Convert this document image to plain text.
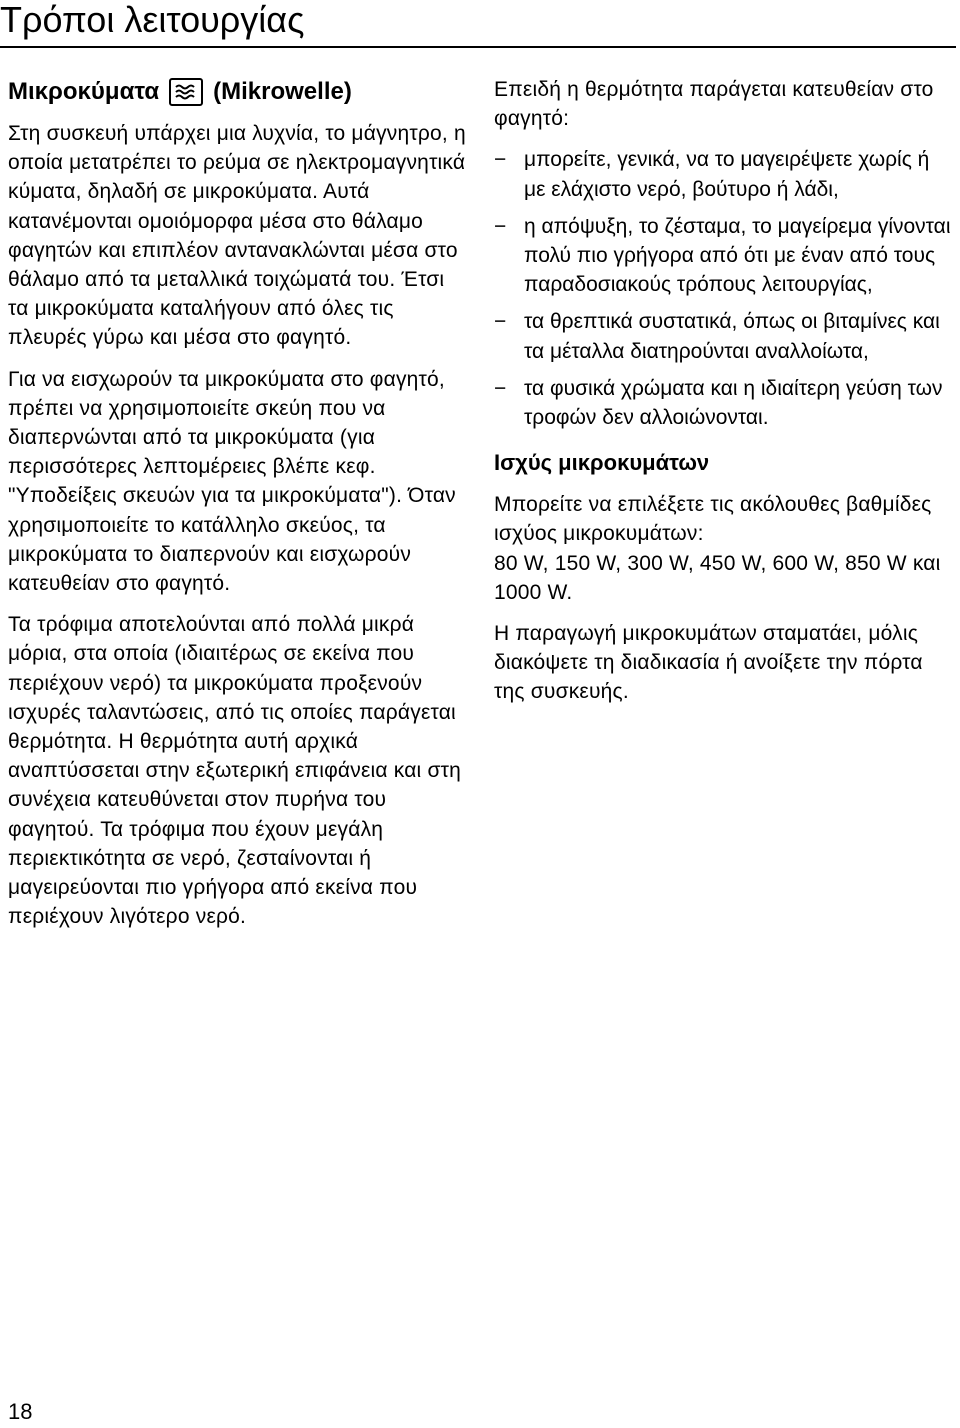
Τρόποι λειτουργίας
Μικροκύματα (Mikrowelle)

Στη συσκευή υπάρχει μια λυχνία, το μάγνητρο, η οποία μετατρέπει το ρεύμα σε ηλεκτρομαγνητικά κύματα, δηλαδή σε μικροκύματα. Αυτά κατανέμονται ομοιόμορφα μέσα στο θάλαμο φαγητών και επιπλέον αντανακλώνται μέσα στο θάλαμο από τα μεταλλικά τοιχώματά του. Έτσι τα μικροκύματα καταλήγουν από όλες τις πλευρές γύρω και μέσα στο φαγητό.

Για να εισχωρούν τα μικροκύματα στο φαγητό, πρέπει να χρησιμοποιείτε σκεύη που να διαπερνώνται από τα μικροκύματα (για περισσότερες λεπτομέρειες βλέπε κεφ. "Υποδείξεις σκευών για τα μικροκύματα"). Όταν χρησιμοποιείτε το κατάλληλο σκεύος, τα μικροκύματα το διαπερνούν και εισχωρούν κατευθείαν στο φαγητό.

Τα τρόφιμα αποτελούνται από πολλά μικρά μόρια, στα οποία (ιδιαιτέρως σε εκείνα που περιέχουν νερό) τα μικροκύματα προξενούν ισχυρές ταλαντώσεις, από τις οποίες παράγεται θερμότητα. Η θερμότητα αυτή αρχικά αναπτύσσεται στην εξωτερική επιφάνεια και στη συνέχεια κατευθύνεται στον πυρήνα του φαγητού. Τα τρόφιμα που έχουν μεγάλη περιεκτικότητα σε νερό, ζεσταίνονται ή μαγειρεύονται πιο γρήγορα από εκείνα που περιέχουν λιγότερο νερό.

Επειδή η θερμότητα παράγεται κατευθείαν στο φαγητό:

− μπορείτε, γενικά, να το μαγειρέψετε χωρίς ή με ελάχιστο νερό, βούτυρο ή λάδι,
− η απόψυξη, το ζέσταμα, το μαγείρεμα γίνονται πολύ πιο γρήγορα από ότι με έναν από τους παραδοσιακούς τρόπους λειτουργίας,
− τα θρεπτικά συστατικά, όπως οι βιταμίνες και τα μέταλλα διατηρούνται αναλλοίωτα,
− τα φυσικά χρώματα και η ιδιαίτερη γεύση των τροφών δεν αλλοιώνονται.
Ισχύς μικροκυμάτων

Μπορείτε να επιλέξετε τις ακόλουθες βαθμίδες ισχύος μικροκυμάτων:

80 W, 150 W, 300 W, 450 W, 600 W, 850 W και 1000 W.

Η παραγωγή μικροκυμάτων σταματάει, μόλις διακόψετε τη διαδικασία ή ανοίξετε την πόρτα της συσκευής.

18
